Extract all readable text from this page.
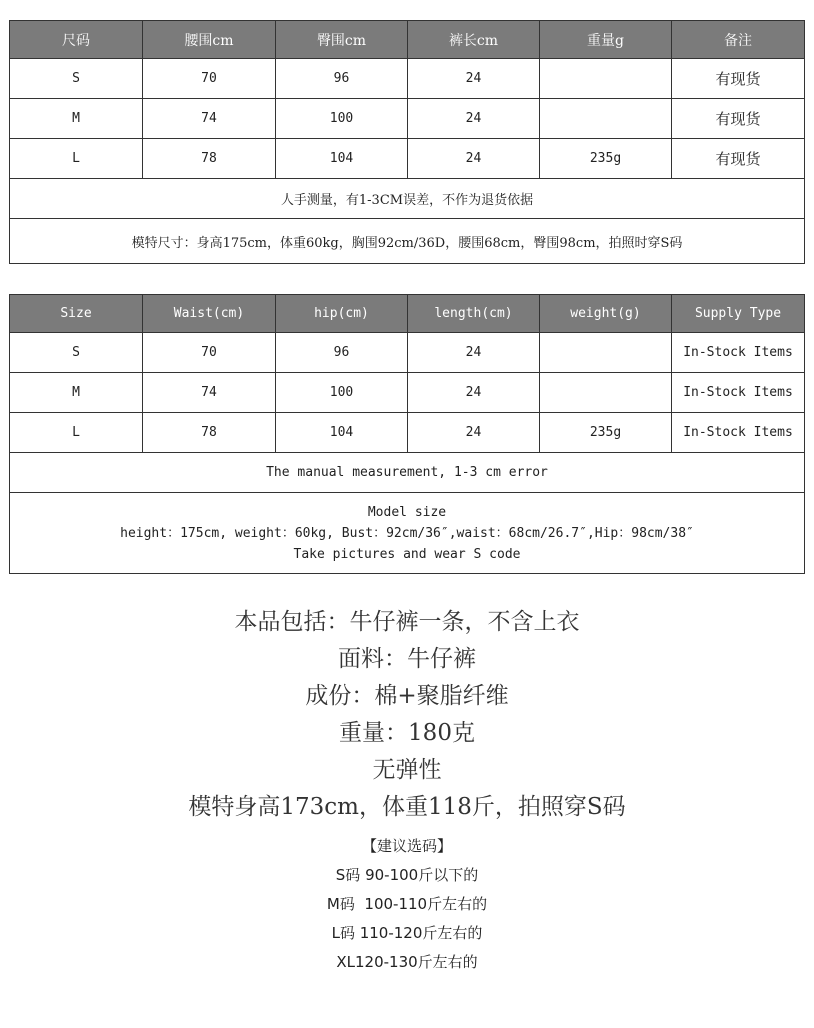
尺码	腰围cm	臀围cm	裤长cm	重量g	备注
S	70	96	24		有现货
M	74	100	24		有现货
L	78	104	24	235g	有现货
人手测量，有1-3CM误差，不作为退货依据					
模特尺寸：身高175cm，体重60kg，胸围92cm/36D，腰围68cm，臀围98cm，拍照时穿S码					
Size	Waist(cm)	hip(cm)	length(cm)	weight(g)	Supply Type
S	70	96	24		In-Stock Items
M	74	100	24		In-Stock Items
L	78	104	24	235g	In-Stock Items
The manual measurement, 1-3 cm error					

Model size
height：175cm, weight：60kg, Bust：92cm/36″,waist：68cm/26.7″,Hip：98cm/38″
Take pictures and wear S code					
本品包括：牛仔裤一条，不含上衣
面料：牛仔裤
成份：棉+聚脂纤维
重量：180克
无弹性
模特身高173cm，体重118斤，拍照穿S码
【建议选码】
S码 90-100斤以下的
M码  100-110斤左右的
L码 110-120斤左右的
XL120-130斤左右的
